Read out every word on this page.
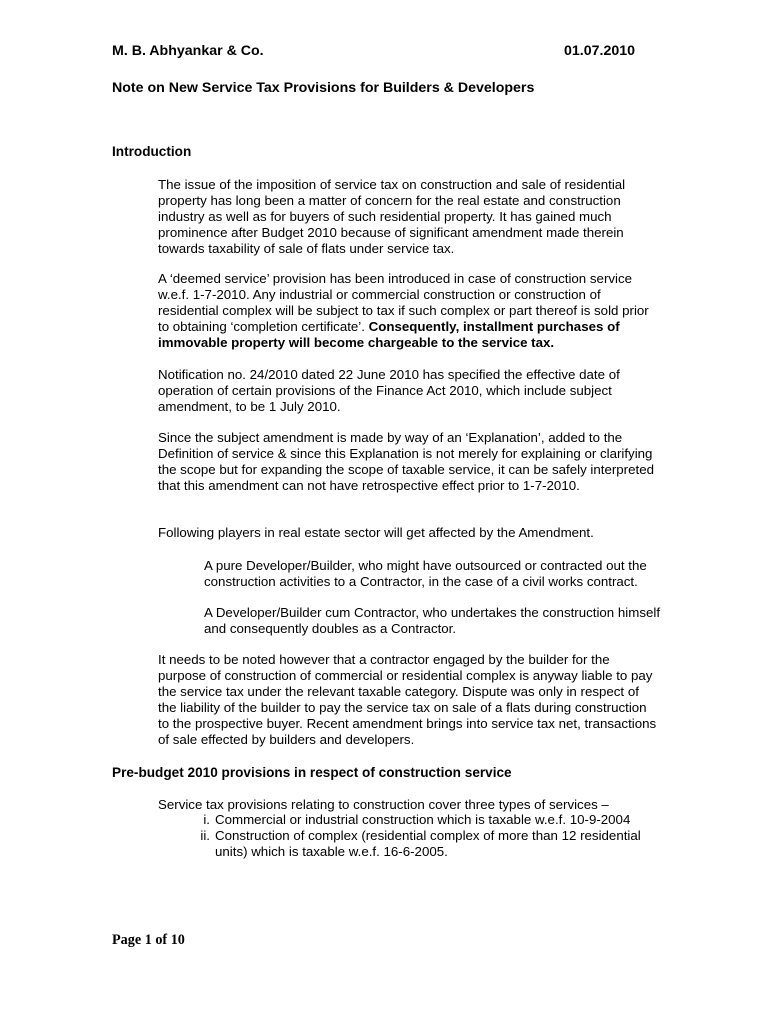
M. B. Abhyankar & Co.	01.07.2010
Note on New Service Tax Provisions for Builders & Developers
Introduction

The issue of the imposition of service tax on construction and sale of residential property has long been a matter of concern for the real estate and construction industry as well as for buyers of such residential property. It has gained much prominence after Budget 2010 because of significant amendment made therein towards taxability of sale of flats under service tax.

A ‘deemed service’ provision has been introduced in case of construction service w.e.f. 1-7-2010. Any industrial or commercial construction or construction of residential complex will be subject to tax if such complex or part thereof is sold prior to obtaining ‘completion certificate’. Consequently, installment purchases of immovable property will become chargeable to the service tax.

Notification no. 24/2010 dated 22 June 2010 has specified the effective date of operation of certain provisions of the Finance Act 2010, which include subject amendment, to be 1 July 2010.

Since the subject amendment is made by way of an ‘Explanation’, added to the Definition of service & since this Explanation is not merely for explaining or clarifying the scope but for expanding the scope of taxable service, it can be safely interpreted that this amendment can not have retrospective effect prior to 1-7-2010.

Following players in real estate sector will get affected by the Amendment.

A pure Developer/Builder, who might have outsourced or contracted out the construction activities to a Contractor, in the case of a civil works contract.

A Developer/Builder cum Contractor, who undertakes the construction himself and consequently doubles as a Contractor.

It needs to be noted however that a contractor engaged by the builder for the purpose of construction of commercial or residential complex is anyway liable to pay the service tax under the relevant taxable category. Dispute was only in respect of the liability of the builder to pay the service tax on sale of a flats during construction to the prospective buyer. Recent amendment brings into service tax net, transactions of sale effected by builders and developers.

Pre-budget 2010 provisions in respect of construction service

Service tax provisions relating to construction cover three types of services –

i. Commercial or industrial construction which is taxable w.e.f. 10-9-2004
ii. Construction of complex (residential complex of more than 12 residential units) which is taxable w.e.f. 16-6-2005.
Page 1 of 10
